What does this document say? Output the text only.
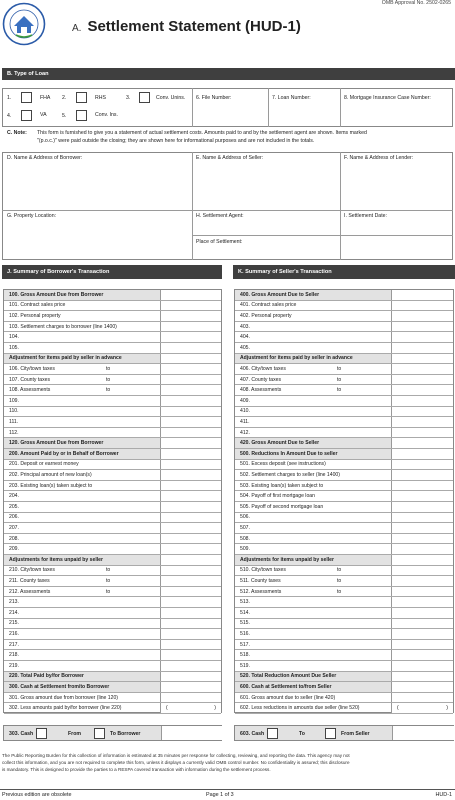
OMB Approval No. 2502-0265
A. Settlement Statement (HUD-1)
B. Type of Loan
1.	FHA 2.	RHS	3.	Conv. Unins.
4.	VA	5.	Conv. Ins.
6. File Number:	7. Loan Number:	8. Mortgage Insurance Case Number:
C. Note: This form is furnished to give you a statement of actual settlement costs. Amounts paid to and by the settlement agent are shown. Items marked
"(p.o.c.)" were paid outside the closing; they are shown here for informational purposes and are not included in the totals.
D. Name & Address of Borrower:	E. Name & Address of Seller:	F. Name & Address of Lender:
G. Property Location:	H. Settlement Agent:	I. Settlement Date:
Place of Settlement:
J. Summary of Borrower's Transaction	K. Summary of Seller's Transaction
100. Gross Amount Due from Borrower
101. Contract sales price
102. Personal property
103. Settlement charges to borrower (line 1400)
104.
105.
Adjustment for items paid by seller in advance
106. City/town taxes	to
107. County taxes	to
108. Assessments	to
109.
110.
111.
112.
120. Gross Amount Due from Borrower
200. Amount Paid by or in Behalf of Borrower
201. Deposit or earnest money
202. Principal amount of new loan(s)
203. Existing loan(s) taken subject to
204.
205.
206.
207.
208.
209.
Adjustments for items unpaid by seller
210. City/town taxes	to
211. County taxes	to
212. Assessments	to
213.
214.
215.
216.
217.
218.
219.
220. Total Paid by/for Borrower
300. Cash at Settlement from/to Borrower
301. Gross amount due from borrower (line 120)
302. Less amounts paid by/for borrower (line 220)	(	)
400. Gross Amount Due to Seller
401. Contract sales price
402. Personal property
403.
404.
405.
Adjustment for items paid by seller in advance
406. City/town taxes	to
407. County taxes	to
408. Assessments	to
409.
410.
411.
412.
420. Gross Amount Due to Seller
500. Reductions In Amount Due to seller
501. Excess deposit (see instructions)
502. Settlement charges to seller (line 1400)
503. Existing loan(s) taken subject to
504. Payoff of first mortgage loan
505. Payoff of second mortgage loan
506.
507.
508.
509.
Adjustments for items unpaid by seller
510. City/town taxes	to
511. County taxes	to
512. Assessments	to
513.
514.
515.
516.
517.
518.
519.
520. Total Reduction Amount Due Seller
600. Cash at Settlement to/from Seller
601. Gross amount due to seller (line 420)
602. Less reductions in amounts due seller (line 520)	(	)
303. Cash	From	To Borrower	603. Cash	To	From Seller
The Public Reporting Burden for this collection of information is estimated at 35 minutes per response for collecting, reviewing, and reporting the data. This agency may not
collect this information, and you are not required to complete this form, unless it displays a currently valid OMB control number. No confidentiality is assured; this disclosure
is mandatory. This is designed to provide the parties to a RESPA covered transaction with information during the settlement process.
Previous edition are obsolete	Page 1 of 3	HUD-1
